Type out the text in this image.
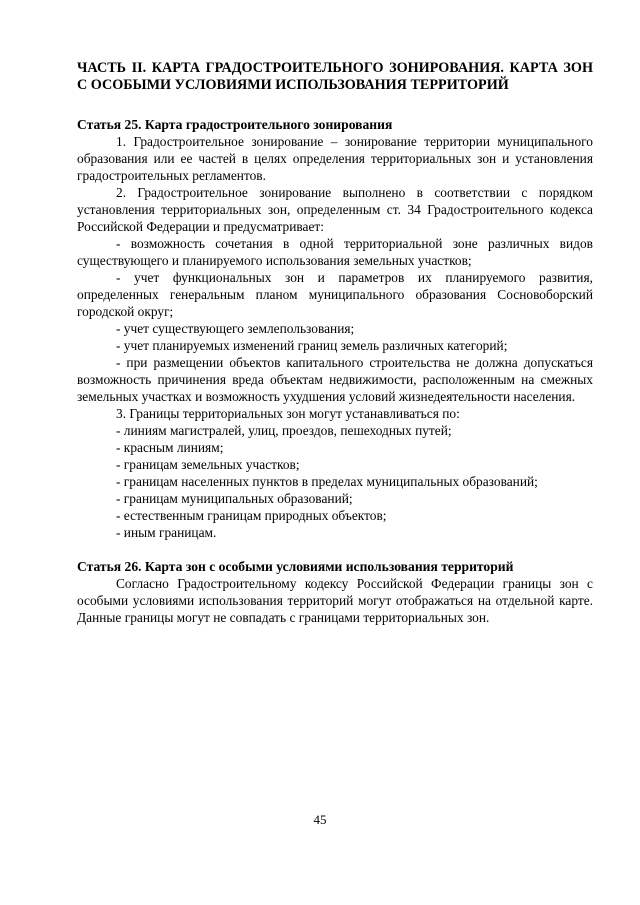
ЧАСТЬ II. КАРТА ГРАДОСТРОИТЕЛЬНОГО ЗОНИРОВАНИЯ. КАРТА ЗОН С ОСОБЫМИ УСЛОВИЯМИ ИСПОЛЬЗОВАНИЯ ТЕРРИТОРИЙ
Статья 25. Карта градостроительного зонирования

1. Градостроительное зонирование – зонирование территории муниципального образования или ее частей в целях определения территориальных зон и установления градостроительных регламентов.

2. Градостроительное зонирование выполнено в соответствии с порядком установления территориальных зон, определенным ст. 34 Градостроительного кодекса Российской Федерации и предусматривает:

- возможность сочетания в одной территориальной зоне различных видов существующего и планируемого использования земельных участков;

- учет функциональных зон и параметров их планируемого развития, определенных генеральным планом муниципального образования Сосновоборский городской округ;

- учет существующего землепользования;

- учет планируемых изменений границ земель различных категорий;

- при размещении объектов капитального строительства не должна допускаться возможность причинения вреда объектам недвижимости, расположенным на смежных земельных участках и возможность ухудшения условий жизнедеятельности населения.

3. Границы территориальных зон могут устанавливаться по:

- линиям магистралей, улиц, проездов, пешеходных путей;

- красным линиям;

- границам земельных участков;

- границам населенных пунктов в пределах муниципальных образований;

- границам муниципальных образований;

- естественным границам природных объектов;

- иным границам.

Статья 26. Карта зон с особыми условиями использования территорий

Согласно Градостроительному кодексу Российской Федерации границы зон с особыми условиями использования территорий могут отображаться на отдельной карте. Данные границы могут не совпадать с границами территориальных зон.

45
